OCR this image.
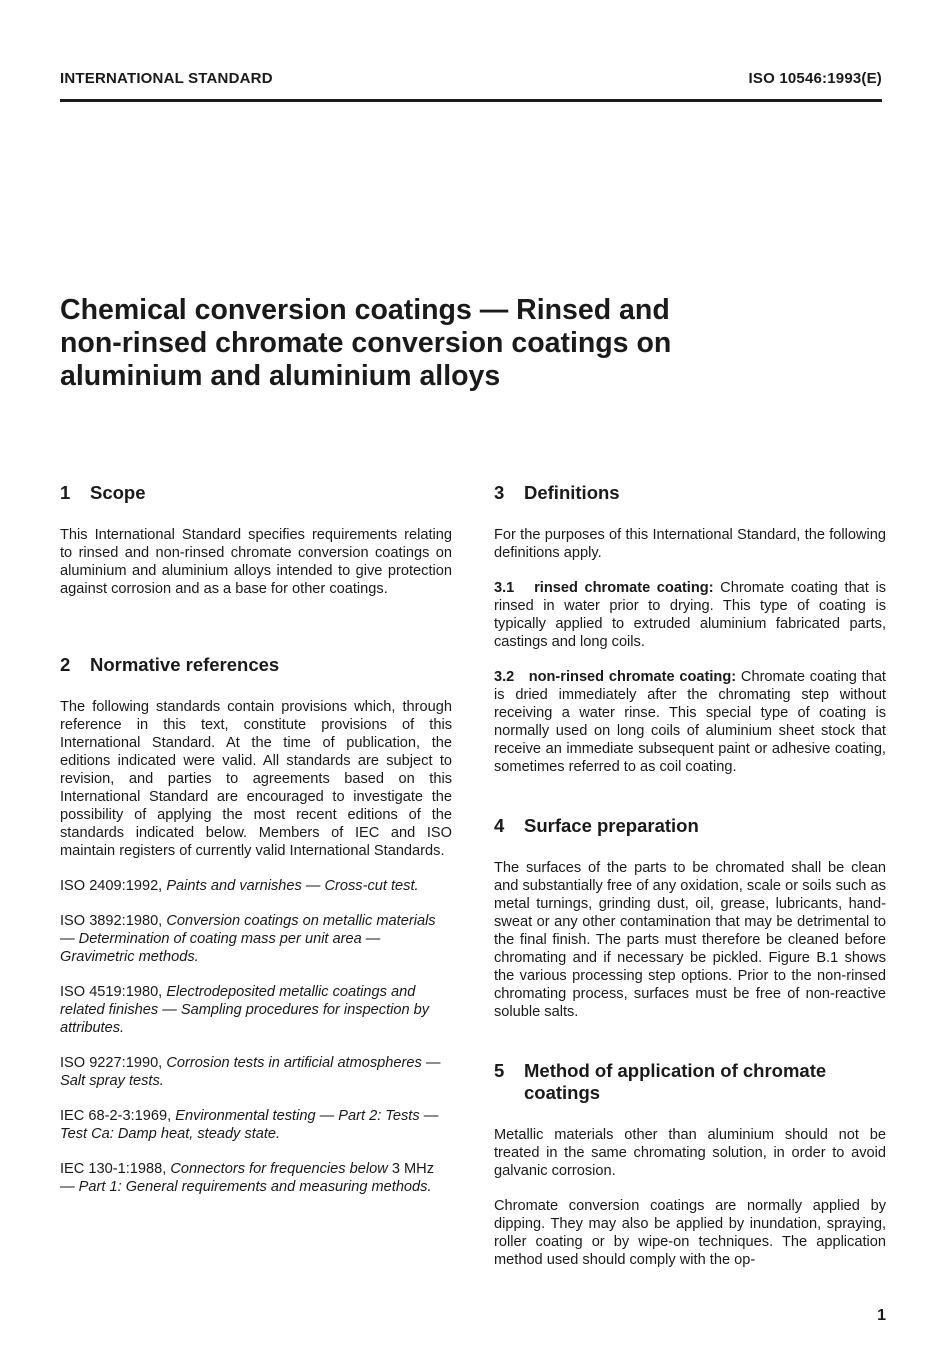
INTERNATIONAL STANDARD	ISO 10546:1993(E)
Chemical conversion coatings — Rinsed and
non-rinsed chromate conversion coatings on
aluminium and aluminium alloys
1 Scope

This International Standard specifies requirements relating to rinsed and non-rinsed chromate conversion coatings on aluminium and aluminium alloys intended to give protection against corrosion and as a base for other coatings.

2 Normative references

The following standards contain provisions which, through reference in this text, constitute provisions of this International Standard. At the time of publication, the editions indicated were valid. All standards are subject to revision, and parties to agreements based on this International Standard are encouraged to investigate the possibility of applying the most recent editions of the standards indicated below. Members of IEC and ISO maintain registers of currently valid International Standards.

ISO 2409:1992, Paints and varnishes — Cross-cut test.

ISO 3892:1980, Conversion coatings on metallic materials — Determination of coating mass per unit area — Gravimetric methods.

ISO 4519:1980, Electrodeposited metallic coatings and related finishes — Sampling procedures for inspection by attributes.

ISO 9227:1990, Corrosion tests in artificial atmospheres — Salt spray tests.

IEC 68-2-3:1969, Environmental testing — Part 2: Tests — Test Ca: Damp heat, steady state.

IEC 130-1:1988, Connectors for frequencies below 3 MHz — Part 1: General requirements and measuring methods.

3 Definitions

For the purposes of this International Standard, the following definitions apply.

3.1 rinsed chromate coating: Chromate coating that is rinsed in water prior to drying. This type of coating is typically applied to extruded aluminium fabricated parts, castings and long coils.

3.2 non-rinsed chromate coating: Chromate coating that is dried immediately after the chromating step without receiving a water rinse. This special type of coating is normally used on long coils of aluminium sheet stock that receive an immediate subsequent paint or adhesive coating, sometimes referred to as coil coating.

4 Surface preparation

The surfaces of the parts to be chromated shall be clean and substantially free of any oxidation, scale or soils such as metal turnings, grinding dust, oil, grease, lubricants, hand-sweat or any other contamination that may be detrimental to the final finish. The parts must therefore be cleaned before chromating and if necessary be pickled. Figure B.1 shows the various processing step options. Prior to the non-rinsed chromating process, surfaces must be free of non-reactive soluble salts.

5	Method of application of chromate coatings

Metallic materials other than aluminium should not be treated in the same chromating solution, in order to avoid galvanic corrosion.

Chromate conversion coatings are normally applied by dipping. They may also be applied by inundation, spraying, roller coating or by wipe-on techniques. The application method used should comply with the op-

1
